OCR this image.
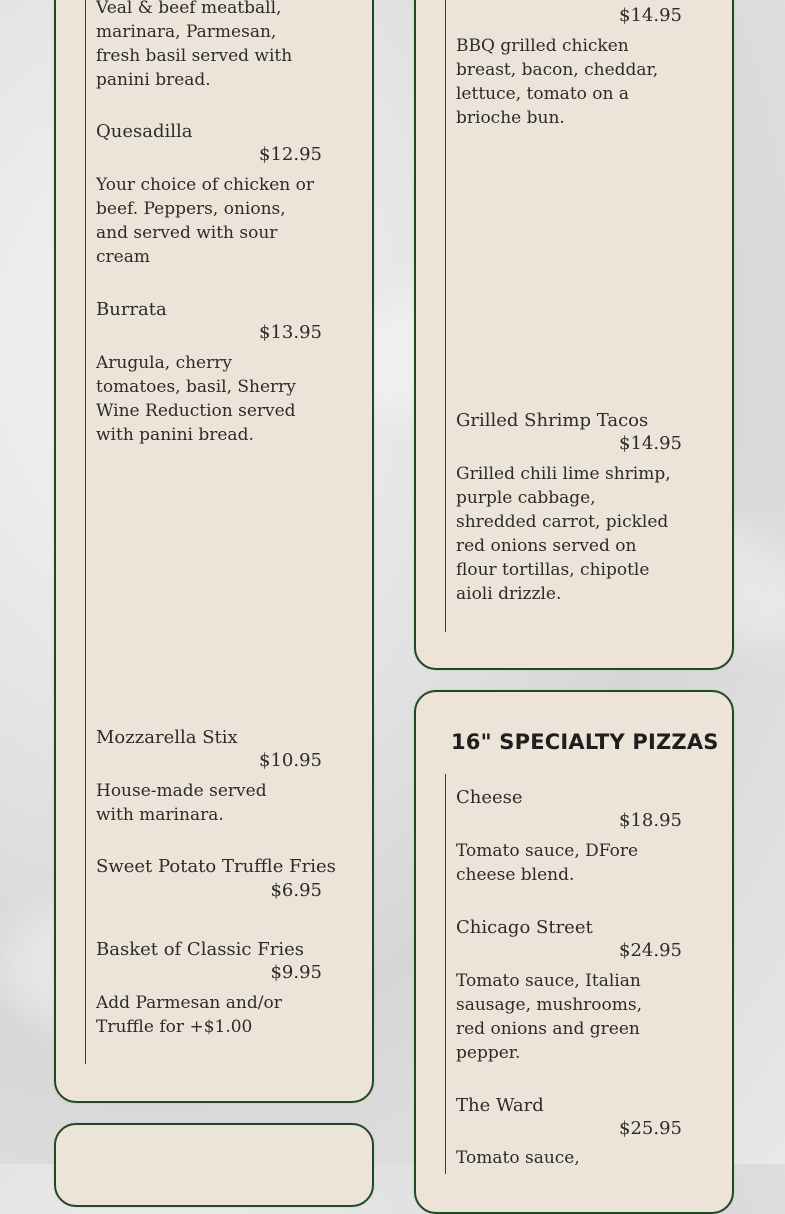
Veal & beef meatball, marinara, Parmesan, fresh basil served with panini bread.
Quesadilla
$12.95
Your choice of chicken or beef. Peppers, onions, and served with sour cream
Burrata
$13.95
Arugula, cherry tomatoes, basil, Sherry Wine Reduction served with panini bread.
Mozzarella Stix
$10.95
House-made served with marinara.
Sweet Potato Truffle Fries
$6.95
Basket of Classic Fries
$9.95
Add Parmesan and/or Truffle for +$1.00
$14.95
BBQ grilled chicken breast, bacon, cheddar, lettuce, tomato on a brioche bun.
Grilled Shrimp Tacos
$14.95
Grilled chili lime shrimp, purple cabbage, shredded carrot, pickled red onions served on flour tortillas, chipotle aioli drizzle.
16" SPECIALTY PIZZAS
Cheese
$18.95
Tomato sauce, DFore cheese blend.
Chicago Street
$24.95
Tomato sauce, Italian sausage, mushrooms, red onions and green pepper.
The Ward
$25.95
Tomato sauce,
